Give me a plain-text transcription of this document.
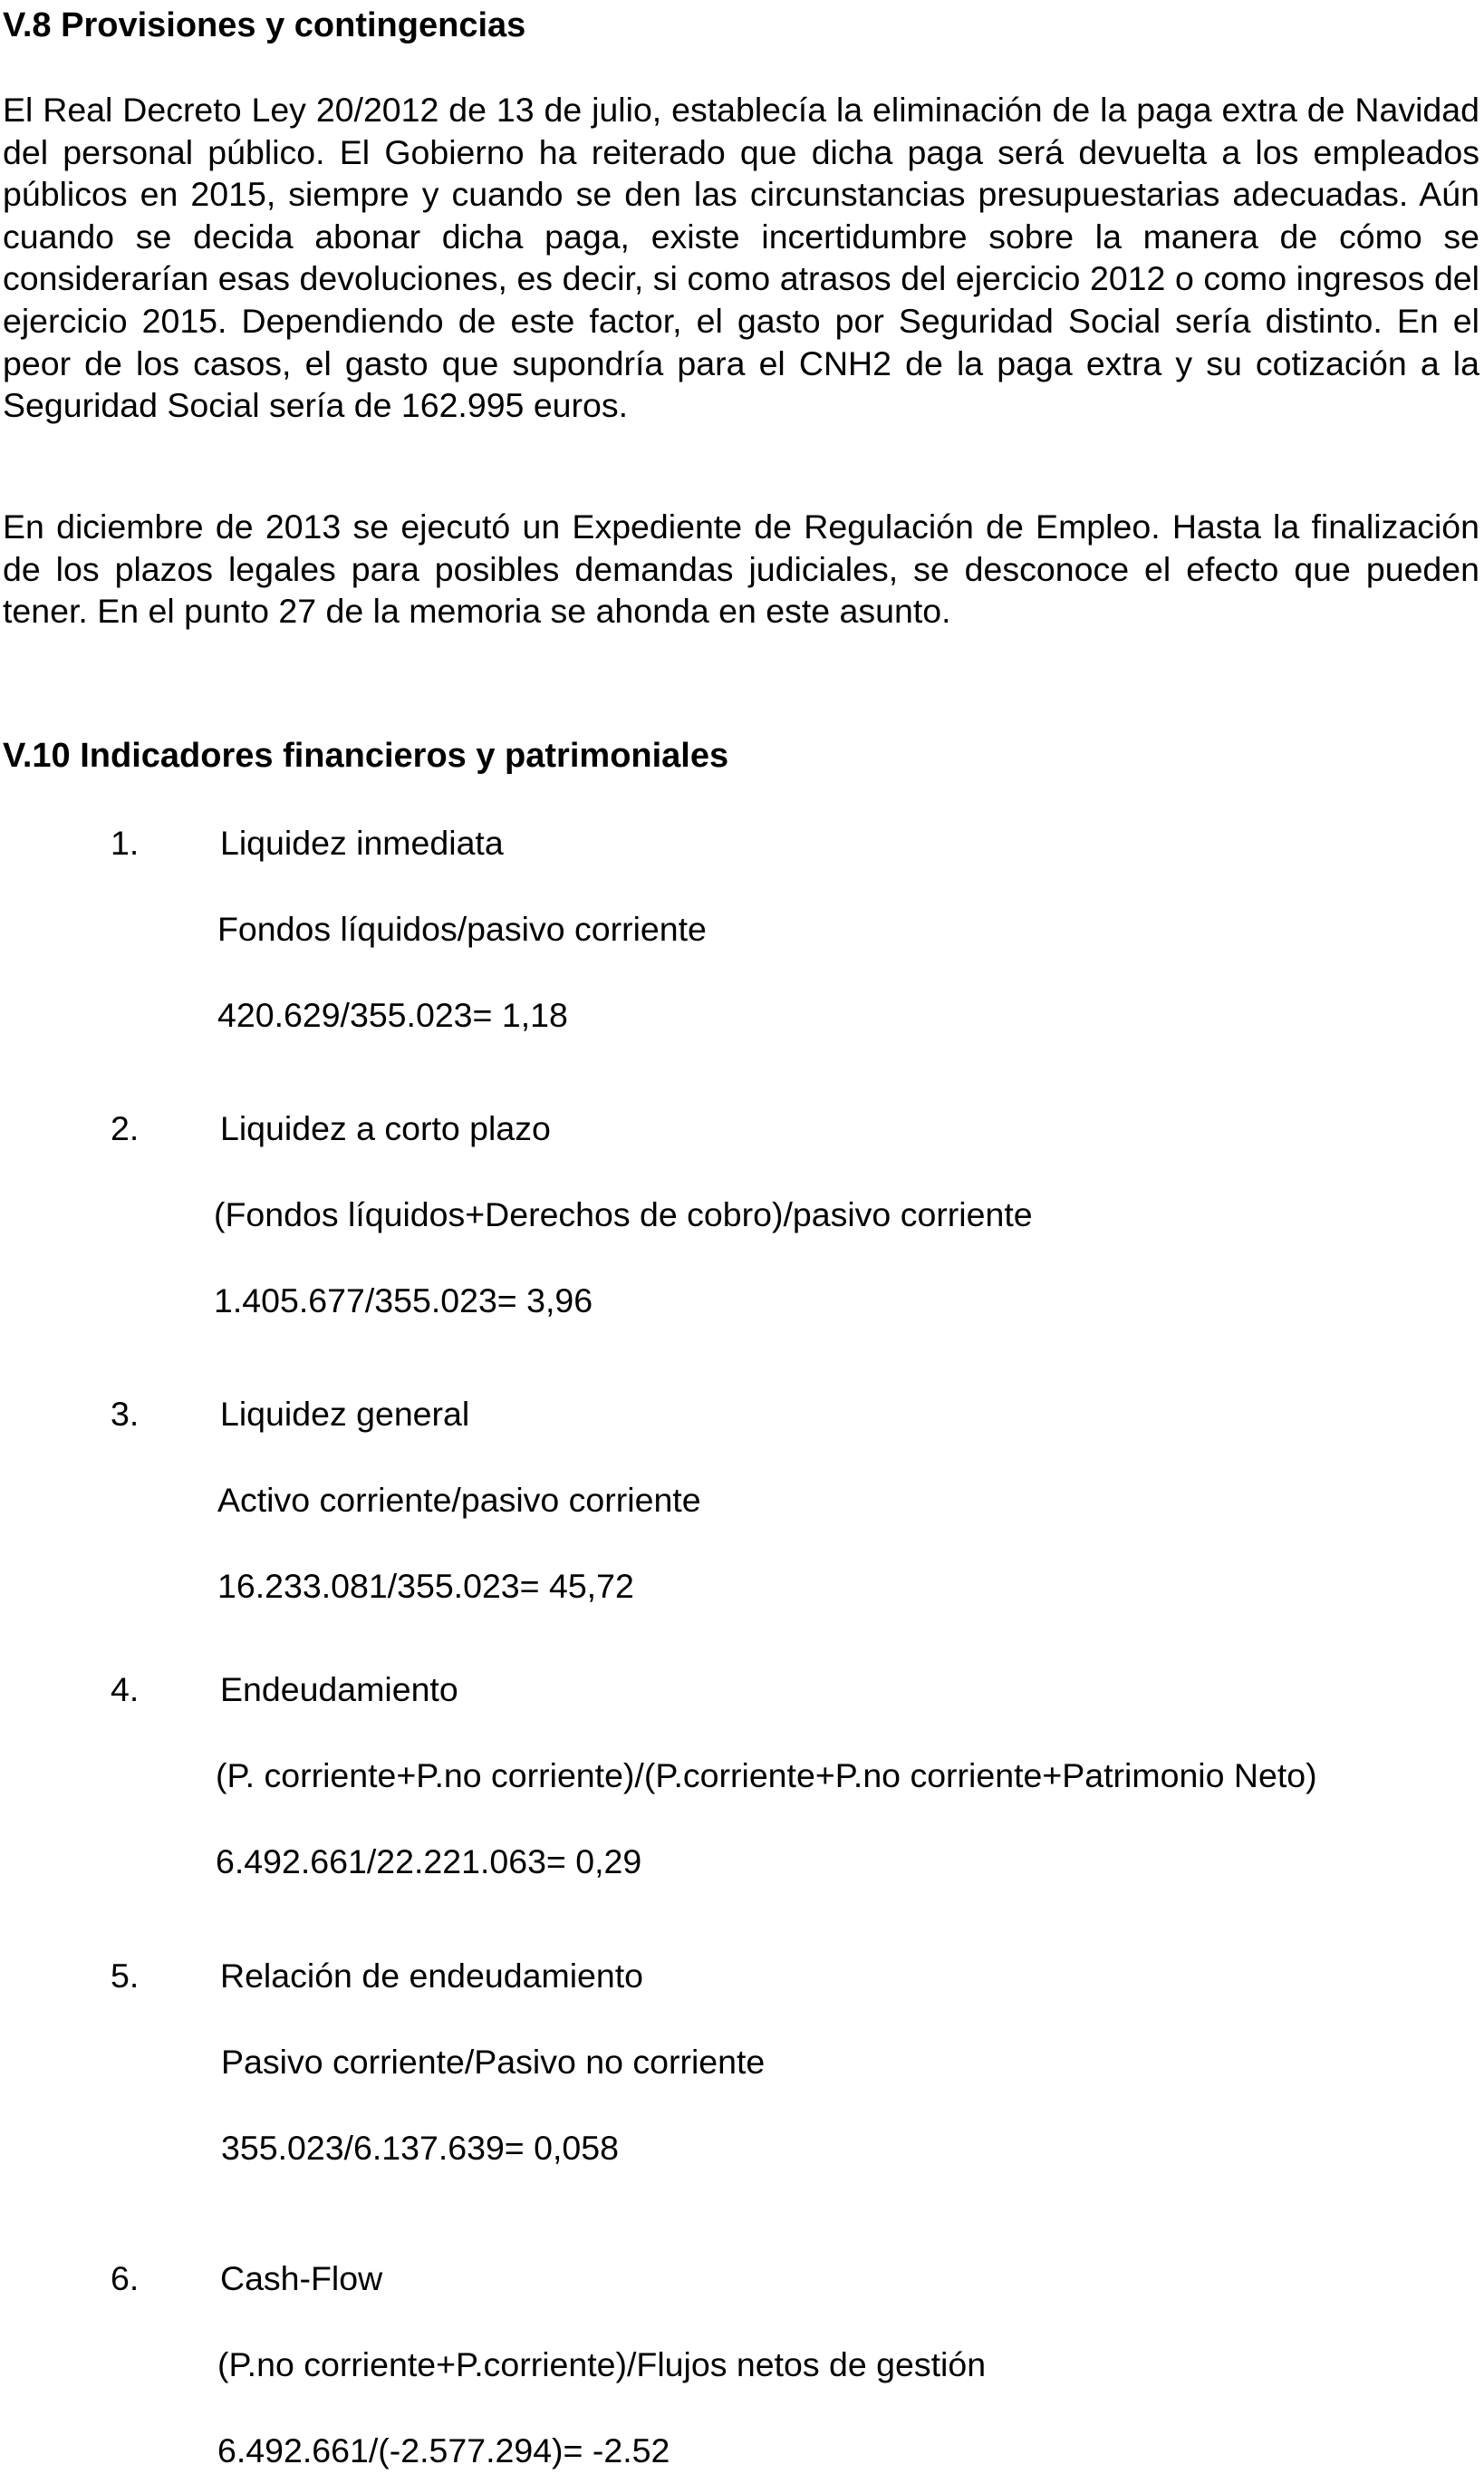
V.8 Provisiones y contingencias
El Real Decreto Ley 20/2012 de 13 de julio, establecía la eliminación de la paga extra de Navidad del personal público. El Gobierno ha reiterado que dicha paga será devuelta a los empleados públicos en 2015, siempre y cuando se den las circunstancias presupuestarias adecuadas. Aún cuando se decida abonar dicha paga, existe incertidumbre sobre la manera de cómo se considerarían esas devoluciones, es decir, si como atrasos del ejercicio 2012 o como ingresos del ejercicio 2015. Dependiendo de este factor, el gasto por Seguridad Social sería distinto. En el peor de los casos, el gasto que supondría para el CNH2 de la paga extra y su cotización a la Seguridad Social sería de 162.995 euros.
En diciembre de 2013 se ejecutó un Expediente de Regulación de Empleo. Hasta la finalización de los plazos legales para posibles demandas judiciales, se desconoce el efecto que pueden tener. En el punto 27 de la memoria se ahonda en este asunto.
V.10 Indicadores financieros y patrimoniales
1. Liquidez inmediata
Fondos líquidos/pasivo corriente
420.629/355.023= 1,18
2. Liquidez a corto plazo
(Fondos líquidos+Derechos de cobro)/pasivo corriente
1.405.677/355.023= 3,96
3. Liquidez general
Activo corriente/pasivo corriente
16.233.081/355.023= 45,72
4. Endeudamiento
(P. corriente+P.no corriente)/(P.corriente+P.no corriente+Patrimonio Neto)
6.492.661/22.221.063= 0,29
5. Relación de endeudamiento
Pasivo corriente/Pasivo no corriente
355.023/6.137.639= 0,058
6. Cash-Flow
(P.no corriente+P.corriente)/Flujos netos de gestión
6.492.661/(-2.577.294)= -2.52
